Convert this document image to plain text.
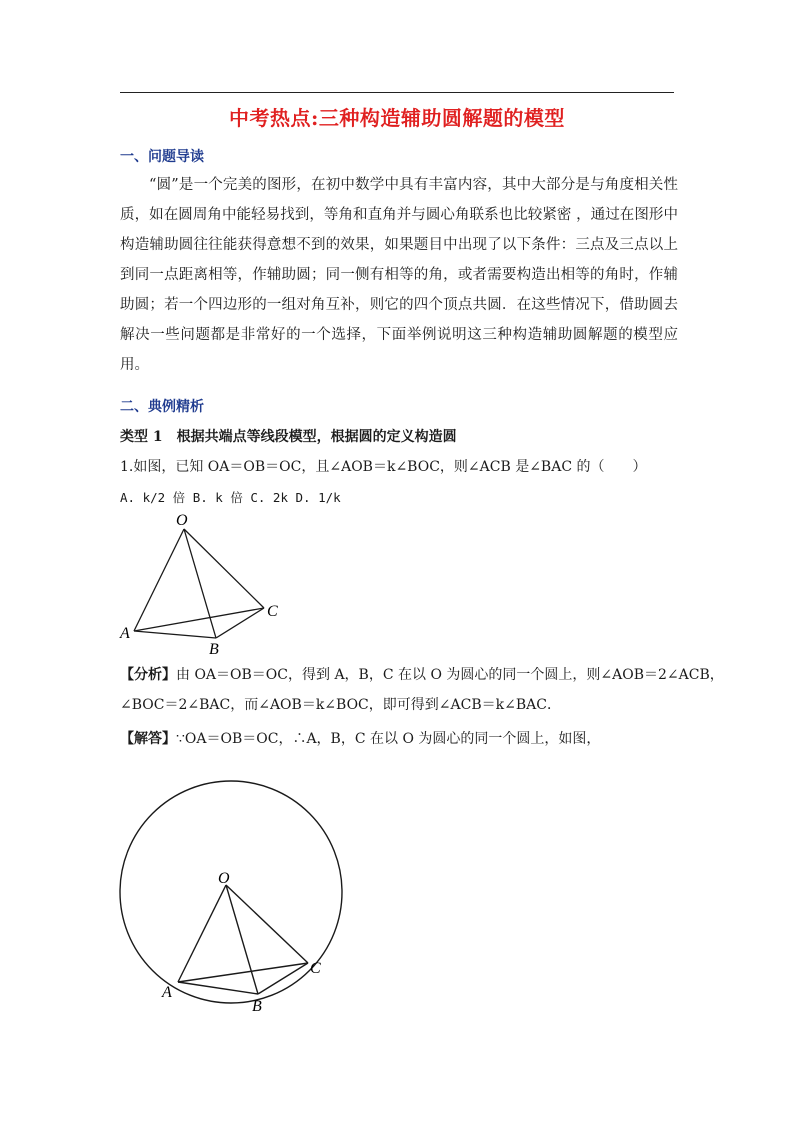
中考热点:三种构造辅助圆解题的模型
一、问题导读

“圆”是一个完美的图形，在初中数学中具有丰富内容，其中大部分是与角度相关性质，如在圆周角中能轻易找到，等角和直角并与圆心角联系也比较紧密 ，通过在图形中构造辅助圆往往能获得意想不到的效果，如果题目中出现了以下条件：三点及三点以上到同一点距离相等，作辅助圆；同一侧有相等的角，或者需要构造出相等的角时，作辅助圆；若一个四边形的一组对角互补，则它的四个顶点共圆．在这些情况下，借助圆去解决一些问题都是非常好的一个选择，下面举例说明这三种构造辅助圆解题的模型应用。

二、典例精析
类型 1　根据共端点等线段模型，根据圆的定义构造圆
1.如图，已知 OA＝OB＝OC，且∠AOB＝k∠BOC，则∠ACB 是∠BAC 的（　　）
A. k/2 倍 B. k 倍 C. 2k D. 1/k
O
A
B
C
【分析】由 OA＝OB＝OC，得到 A，B，C 在以 O 为圆心的同一个圆上，则∠AOB＝2∠ACB，
∠BOC＝2∠BAC，而∠AOB＝k∠BOC，即可得到∠ACB＝k∠BAC．
【解答】∵OA＝OB＝OC，∴A，B，C 在以 O 为圆心的同一个圆上，如图，
O
A
B
C
